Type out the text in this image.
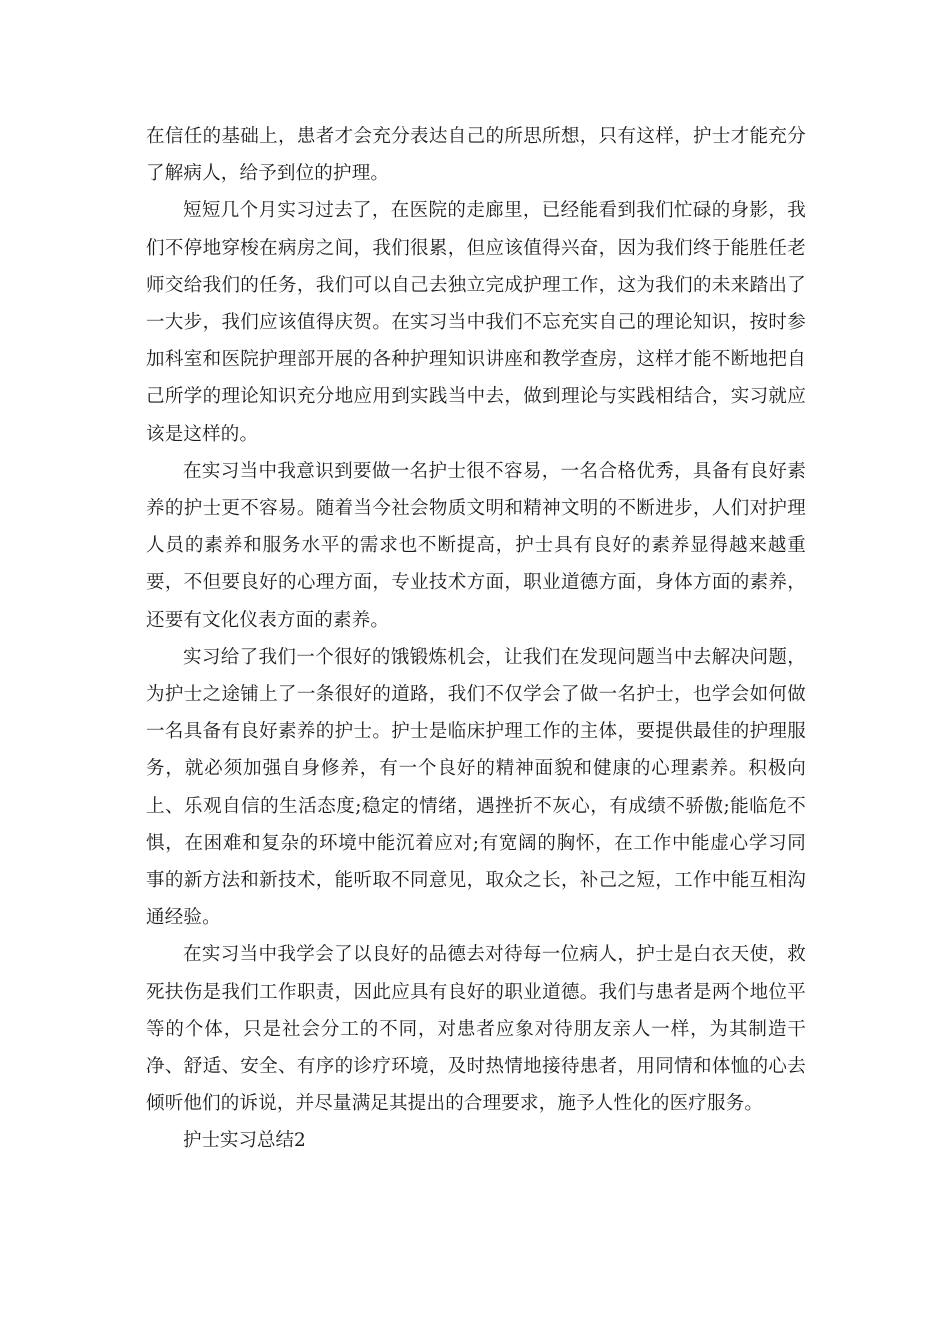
在信任的基础上，患者才会充分表达自己的所思所想，只有这样，护士才能充分了解病人，给予到位的护理。

短短几个月实习过去了，在医院的走廊里，已经能看到我们忙碌的身影，我们不停地穿梭在病房之间，我们很累，但应该值得兴奋，因为我们终于能胜任老师交给我们的任务，我们可以自己去独立完成护理工作，这为我们的未来踏出了一大步，我们应该值得庆贺。在实习当中我们不忘充实自己的理论知识，按时参加科室和医院护理部开展的各种护理知识讲座和教学查房，这样才能不断地把自己所学的理论知识充分地应用到实践当中去，做到理论与实践相结合，实习就应该是这样的。

在实习当中我意识到要做一名护士很不容易，一名合格优秀，具备有良好素养的护士更不容易。随着当今社会物质文明和精神文明的不断进步，人们对护理人员的素养和服务水平的需求也不断提高，护士具有良好的素养显得越来越重要，不但要良好的心理方面，专业技术方面，职业道德方面，身体方面的素养，还要有文化仪表方面的素养。

实习给了我们一个很好的饿锻炼机会，让我们在发现问题当中去解决问题，为护士之途铺上了一条很好的道路，我们不仅学会了做一名护士，也学会如何做一名具备有良好素养的护士。护士是临床护理工作的主体，要提供最佳的护理服务，就必须加强自身修养，有一个良好的精神面貌和健康的心理素养。积极向上、乐观自信的生活态度;稳定的情绪，遇挫折不灰心，有成绩不骄傲;能临危不惧，在困难和复杂的环境中能沉着应对;有宽阔的胸怀，在工作中能虚心学习同事的新方法和新技术，能听取不同意见，取众之长，补己之短，工作中能互相沟通经验。

在实习当中我学会了以良好的品德去对待每一位病人，护士是白衣天使，救死扶伤是我们工作职责，因此应具有良好的职业道德。我们与患者是两个地位平等的个体，只是社会分工的不同，对患者应象对待朋友亲人一样，为其制造干净、舒适、安全、有序的诊疗环境，及时热情地接待患者，用同情和体恤的心去倾听他们的诉说，并尽量满足其提出的合理要求，施予人性化的医疗服务。

护士实习总结2
